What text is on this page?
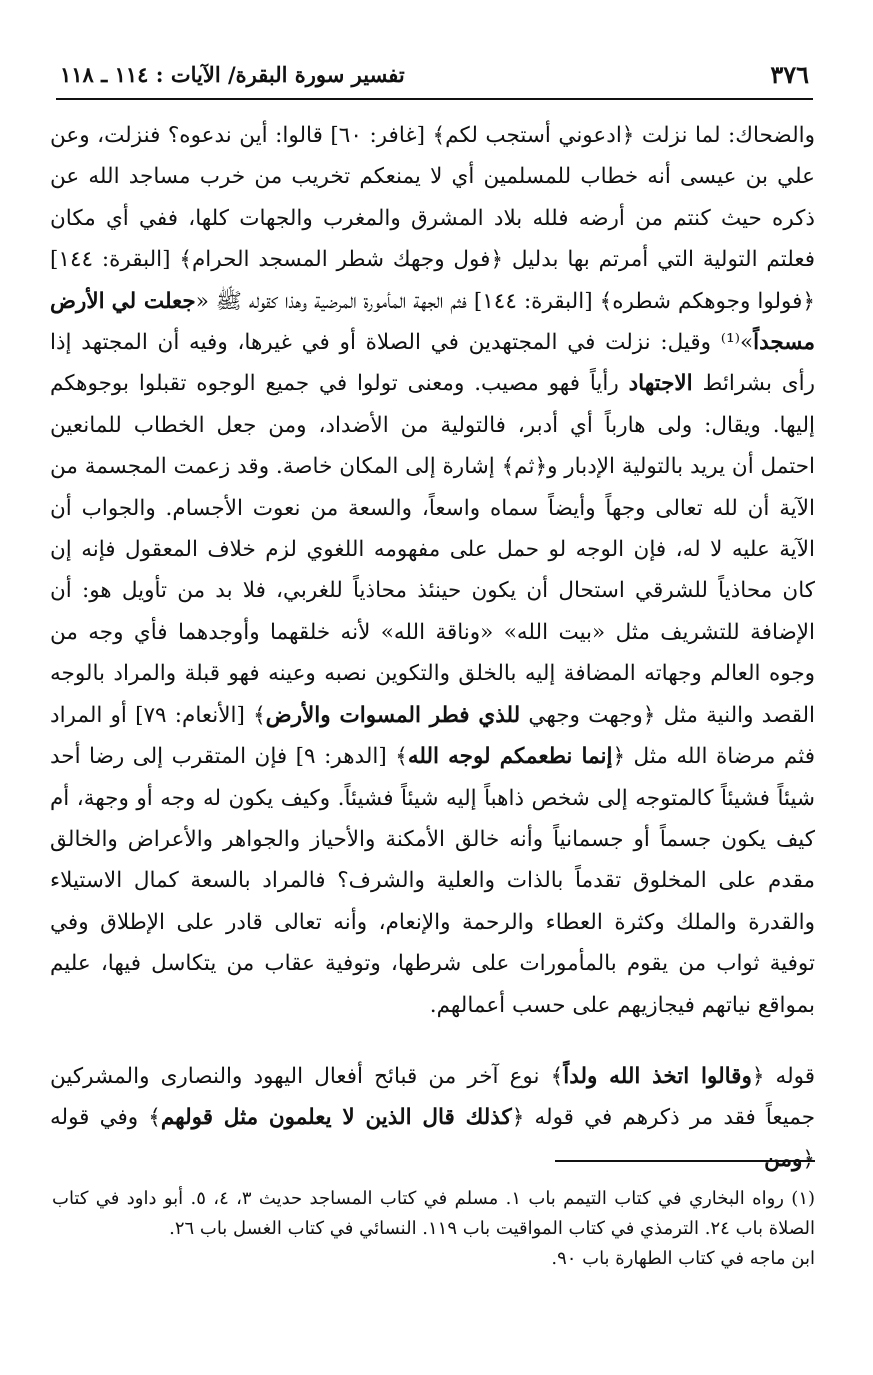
٣٧٦
تفسير سورة البقرة/ الآيات : ١١٤ ـ ١١٨

والضحاك: لما نزلت ﴿ادعوني أستجب لكم﴾ [غافر: ٦٠] قالوا: أين ندعوه؟ فنزلت، وعن علي بن عيسى أنه خطاب للمسلمين أي لا يمنعكم تخريب من خرب مساجد الله عن ذكره حيث كنتم من أرضه فلله بلاد المشرق والمغرب والجهات كلها، ففي أي مكان فعلتم التولية التي أمرتم بها بدليل ﴿فول وجهك شطر المسجد الحرام﴾ [البقرة: ١٤٤] ﴿فولوا وجوهكم شطره﴾ [البقرة: ١٤٤] فثم الجهة المأمورة المرضية وهذا كقوله ﷺ «جعلت لي الأرض مسجداً»⁽¹⁾ وقيل: نزلت في المجتهدين في الصلاة أو في غيرها، وفيه أن المجتهد إذا رأى بشرائط الاجتهاد رأياً فهو مصيب. ومعنى تولوا في جميع الوجوه تقبلوا بوجوهكم إليها. ويقال: ولى هارباً أي أدبر، فالتولية من الأضداد، ومن جعل الخطاب للمانعين احتمل أن يريد بالتولية الإدبار و﴿ثم﴾ إشارة إلى المكان خاصة. وقد زعمت المجسمة من الآية أن لله تعالى وجهاً وأيضاً سماه واسعاً، والسعة من نعوت الأجسام. والجواب أن الآية عليه لا له، فإن الوجه لو حمل على مفهومه اللغوي لزم خلاف المعقول فإنه إن كان محاذياً للشرقي استحال أن يكون حينئذ محاذياً للغربي، فلا بد من تأويل هو: أن الإضافة للتشريف مثل «بيت الله» «وناقة الله» لأنه خلقهما وأوجدهما فأي وجه من وجوه العالم وجهاته المضافة إليه بالخلق والتكوين نصبه وعينه فهو قبلة والمراد بالوجه القصد والنية مثل ﴿وجهت وجهي للذي فطر المسوات والأرض﴾ [الأنعام: ٧٩] أو المراد فثم مرضاة الله مثل ﴿إنما نطعمكم لوجه الله﴾ [الدهر: ٩] فإن المتقرب إلى رضا أحد شيئاً فشيئاً كالمتوجه إلى شخص ذاهباً إليه شيئاً فشيئاً. وكيف يكون له وجه أو وجهة، أم كيف يكون جسماً أو جسمانياً وأنه خالق الأمكنة والأحياز والجواهر والأعراض والخالق مقدم على المخلوق تقدماً بالذات والعلية والشرف؟ فالمراد بالسعة كمال الاستيلاء والقدرة والملك وكثرة العطاء والرحمة والإنعام، وأنه تعالى قادر على الإطلاق وفي توفية ثواب من يقوم بالمأمورات على شرطها، وتوفية عقاب من يتكاسل فيها، عليم بمواقع نياتهم فيجازيهم على حسب أعمالهم.

قوله ﴿وقالوا اتخذ الله ولداً﴾ نوع آخر من قبائح أفعال اليهود والنصارى والمشركين جميعاً فقد مر ذكرهم في قوله ﴿كذلك قال الذين لا يعلمون مثل قولهم﴾ وفي قوله ﴿ومن

(١) رواه البخاري في كتاب التيمم باب ١. مسلم في كتاب المساجد حديث ٣، ٤، ٥. أبو داود في كتاب الصلاة باب ٢٤. الترمذي في كتاب المواقيت باب ١١٩. النسائي في كتاب الغسل باب ٢٦.
ابن ماجه في كتاب الطهارة باب ٩٠.
